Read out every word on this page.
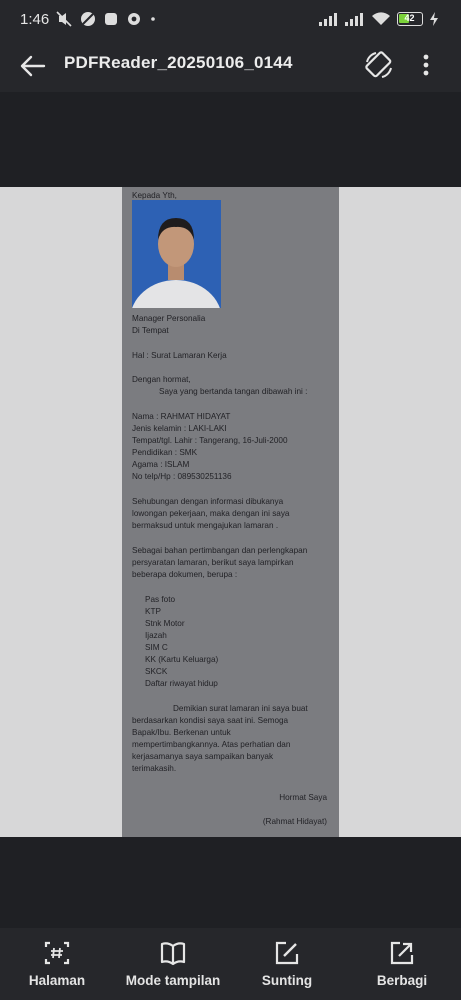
1:46	42
PDFReader_20250106_0144
Kepada Yth,
Manager Personalia
Di Tempat
Hal : Surat Lamaran Kerja
Dengan hormat,
Saya yang bertanda tangan dibawah ini :
Nama : RAHMAT HIDAYAT
Jenis kelamin : LAKI-LAKI
Tempat/tgl. Lahir : Tangerang, 16-Juli-2000
Pendidikan : SMK
Agama : ISLAM
No telp/Hp : 089530251136
Sehubungan dengan informasi dibukanya
lowongan pekerjaan, maka dengan ini saya
bermaksud untuk mengajukan lamaran .
Sebagai bahan pertimbangan dan perlengkapan
persyaratan lamaran, berikut saya lampirkan
beberapa dokumen, berupa :
Pas foto
KTP
Stnk Motor
Ijazah
SIM C
KK (Kartu Keluarga)
SKCK
Daftar riwayat hidup
Demikian surat lamaran ini saya buat
berdasarkan kondisi saya saat ini. Semoga
Bapak/Ibu. Berkenan untuk
mempertimbangkannya. Atas perhatian dan
kerjasamanya saya sampaikan banyak
terimakasih.
Hormat Saya
(Rahmat Hidayat)
Halaman	Mode tampilan	Sunting	Berbagi
